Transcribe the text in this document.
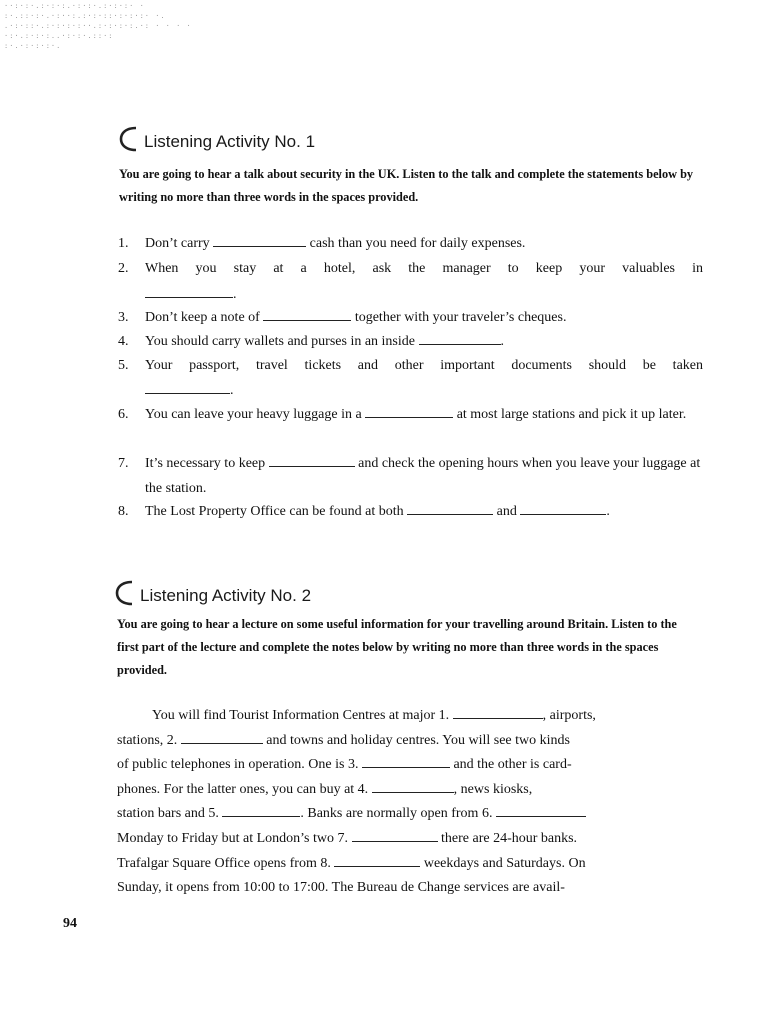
··:·:·.:·:·:.·:·:·.:·:·:· ·
:·.::·:·.·:··:.:·:·::·:·:·:· ·.
.·:·::·.:·:·:·:··.:·:·:·:.·: · · · ·
·:·.:·:·:..·:·:·.::·:
:·.·:·:·:·.
Listening Activity No. 1
You are going to hear a talk about security in the UK. Listen to the talk and complete the statements below by writing no more than three words in the spaces provided.
1.	Don’t carry	cash than you need for daily expenses.
2.	When you stay at a hotel, ask the manager to keep your valuables in
.
3.	Don’t keep a note of	together with your traveler’s cheques.
4.	You should carry wallets and purses in an inside	.
5.	Your passport, travel tickets and other important documents should be taken
.
6.	You can leave your heavy luggage in a	at most large stations and pick it up later.
7.	It’s necessary to keep	and check the opening hours when you leave your luggage at the station.
8.	The Lost Property Office can be found at both	and	.
Listening Activity No. 2
You are going to hear a lecture on some useful information for your travelling around Britain. Listen to the first part of the lecture and complete the notes below by writing no more than three words in the spaces provided.
You will find Tourist Information Centres at major 1.	, airports,
stations, 2.	and towns and holiday centres. You will see two kinds
of public telephones in operation. One is 3.	and the other is card-
phones. For the latter ones, you can buy at 4.	, news kiosks,
station bars and 5.	. Banks are normally open from 6.
Monday to Friday but at London’s two 7.	there are 24-hour banks.
Trafalgar Square Office opens from 8.	weekdays and Saturdays. On
Sunday, it opens from 10:00 to 17:00. The Bureau de Change services are avail-
94
